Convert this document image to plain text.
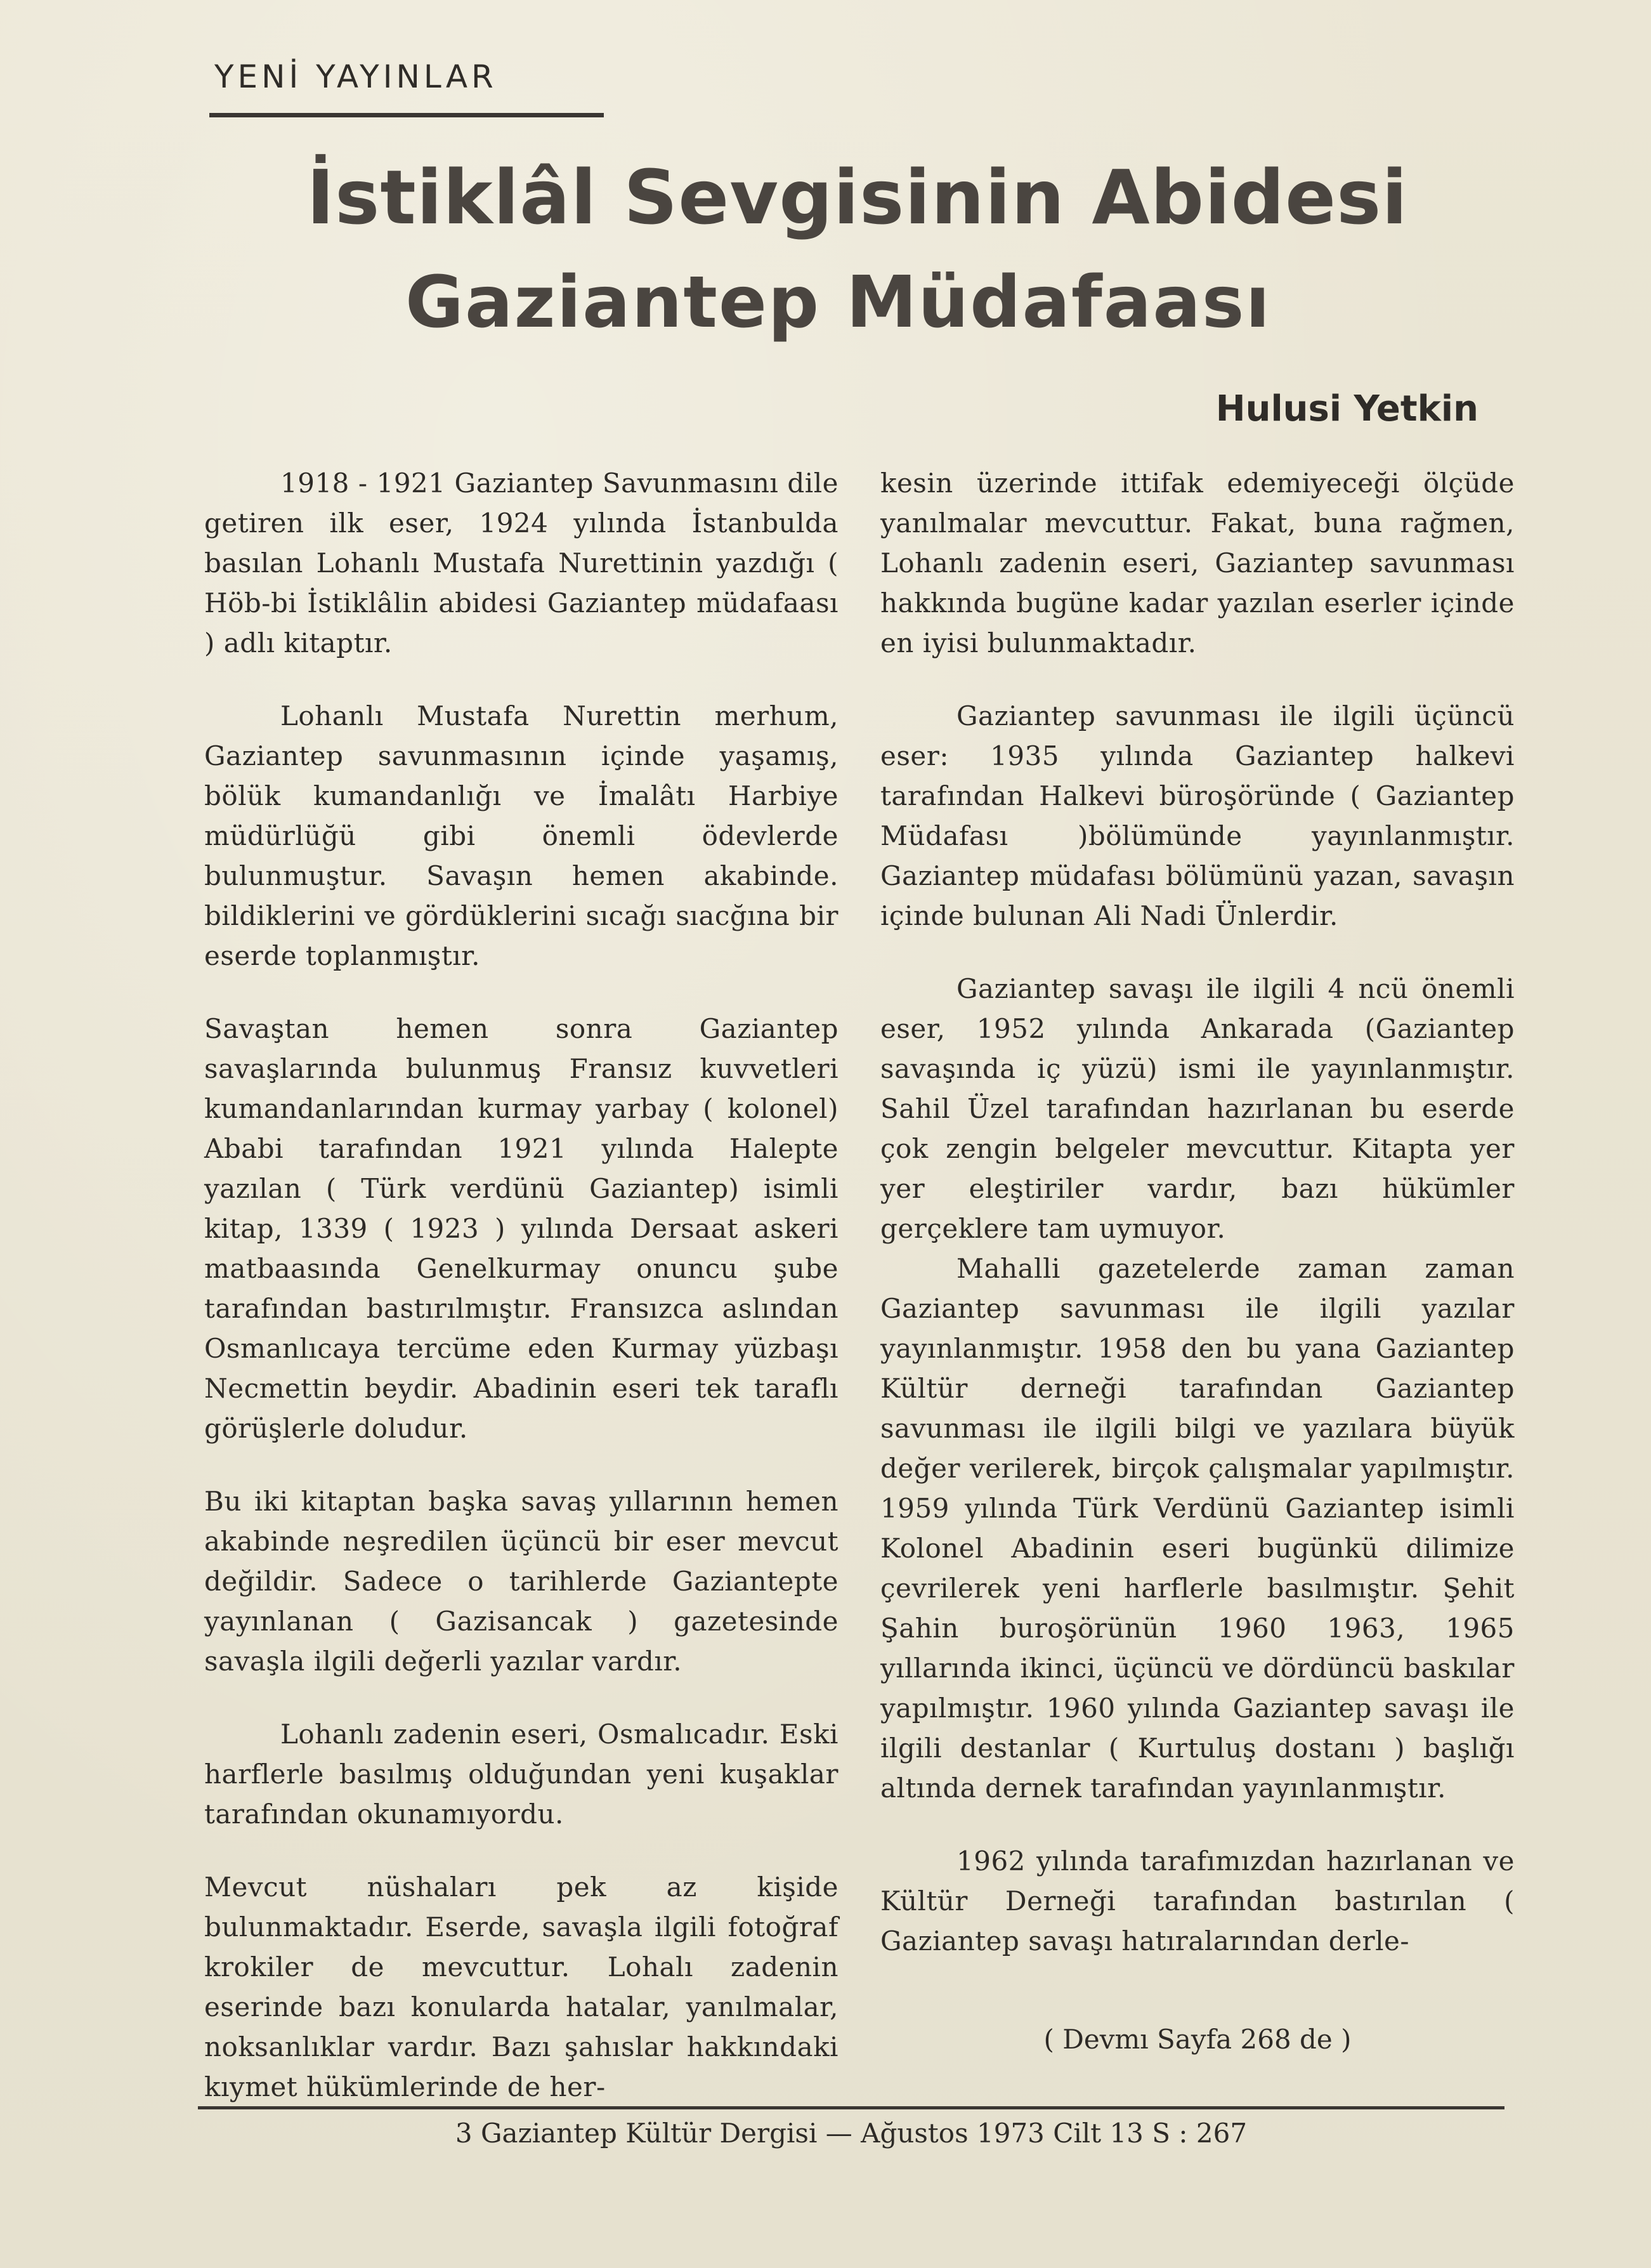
YENİ YAYINLAR
İstiklâl Sevgisinin Abidesi
Gaziantep Müdafaası
Hulusi Yetkin

1918 - 1921 Gaziantep Savunmasını dile getiren ilk eser, 1924 yılında İstanbulda basılan Lohanlı Mustafa Nurettinin yazdığı ( Höb-bi İstiklâlin abidesi Gaziantep müdafaası ) adlı kitaptır.

Lohanlı Mustafa Nurettin merhum, Gaziantep savunmasının içinde yaşamış, bölük kumandanlığı ve İmalâtı Harbiye müdürlüğü gibi önemli ödevlerde bulunmuştur. Savaşın hemen akabinde. bildiklerini ve gördüklerini sıcağı sıacğına bir eserde toplanmıştır.

Savaştan hemen sonra Gaziantep savaşlarında bulunmuş Fransız kuvvetleri kumandanlarından kurmay yarbay ( kolonel) Ababi tarafından 1921 yılında Halepte yazılan ( Türk verdünü Gaziantep) isimli kitap, 1339 ( 1923 ) yılında Dersaat askeri matbaasında Genelkurmay onuncu şube tarafından bastırılmıştır. Fransızca aslından Osmanlıcaya tercüme eden Kurmay yüzbaşı Necmettin beydir. Abadinin eseri tek taraflı görüşlerle doludur.

Bu iki kitaptan başka savaş yıllarının hemen akabinde neşredilen üçüncü bir eser mevcut değildir. Sadece o tarihlerde Gaziantepte yayınlanan ( Gazisancak ) gazetesinde savaşla ilgili değerli yazılar vardır.

Lohanlı zadenin eseri, Osmalıcadır. Eski harflerle basılmış olduğundan yeni kuşaklar tarafından okunamıyordu.

Mevcut nüshaları pek az kişide bulunmaktadır. Eserde, savaşla ilgili fotoğraf krokiler de mevcuttur. Lohalı zadenin eserinde bazı konularda hatalar, yanılmalar, noksanlıklar vardır. Bazı şahıslar hakkındaki kıymet hükümlerinde de her-

kesin üzerinde ittifak edemiyeceği ölçüde yanılmalar mevcuttur. Fakat, buna rağmen, Lohanlı zadenin eseri, Gaziantep savunması hakkında bugüne kadar yazılan eserler içinde en iyisi bulunmaktadır.

Gaziantep savunması ile ilgili üçüncü eser: 1935 yılında Gaziantep halkevi tarafından Halkevi büroşöründe ( Gaziantep Müdafası )bölümünde yayınlanmıştır. Gaziantep müdafası bölümünü yazan, savaşın içinde bulunan Ali Nadi Ünlerdir.

Gaziantep savaşı ile ilgili 4 ncü önemli eser, 1952 yılında Ankarada (Gaziantep savaşında iç yüzü) ismi ile yayınlanmıştır. Sahil Üzel tarafından hazırlanan bu eserde çok zengin belgeler mevcuttur. Kitapta yer yer eleştiriler vardır, bazı hükümler gerçeklere tam uymuyor.

Mahalli gazetelerde zaman zaman Gaziantep savunması ile ilgili yazılar yayınlanmıştır. 1958 den bu yana Gaziantep Kültür derneği tarafından Gaziantep savunması ile ilgili bilgi ve yazılara büyük değer verilerek, birçok çalışmalar yapılmıştır. 1959 yılında Türk Verdünü Gaziantep isimli Kolonel Abadinin eseri bugünkü dilimize çevrilerek yeni harflerle basılmıştır. Şehit Şahin buroşörünün 1960 1963, 1965 yıllarında ikinci, üçüncü ve dördüncü baskılar yapılmıştır. 1960 yılında Gaziantep savaşı ile ilgili destanlar ( Kurtuluş dostanı ) başlığı altında dernek tarafından yayınlanmıştır.

1962 yılında tarafımızdan hazırlanan ve Kültür Derneği tarafından bastırılan ( Gaziantep savaşı hatıralarından derle-

( Devmı Sayfa 268 de )
3 Gaziantep Kültür Dergisi — Ağustos 1973 Cilt 13 S : 267
